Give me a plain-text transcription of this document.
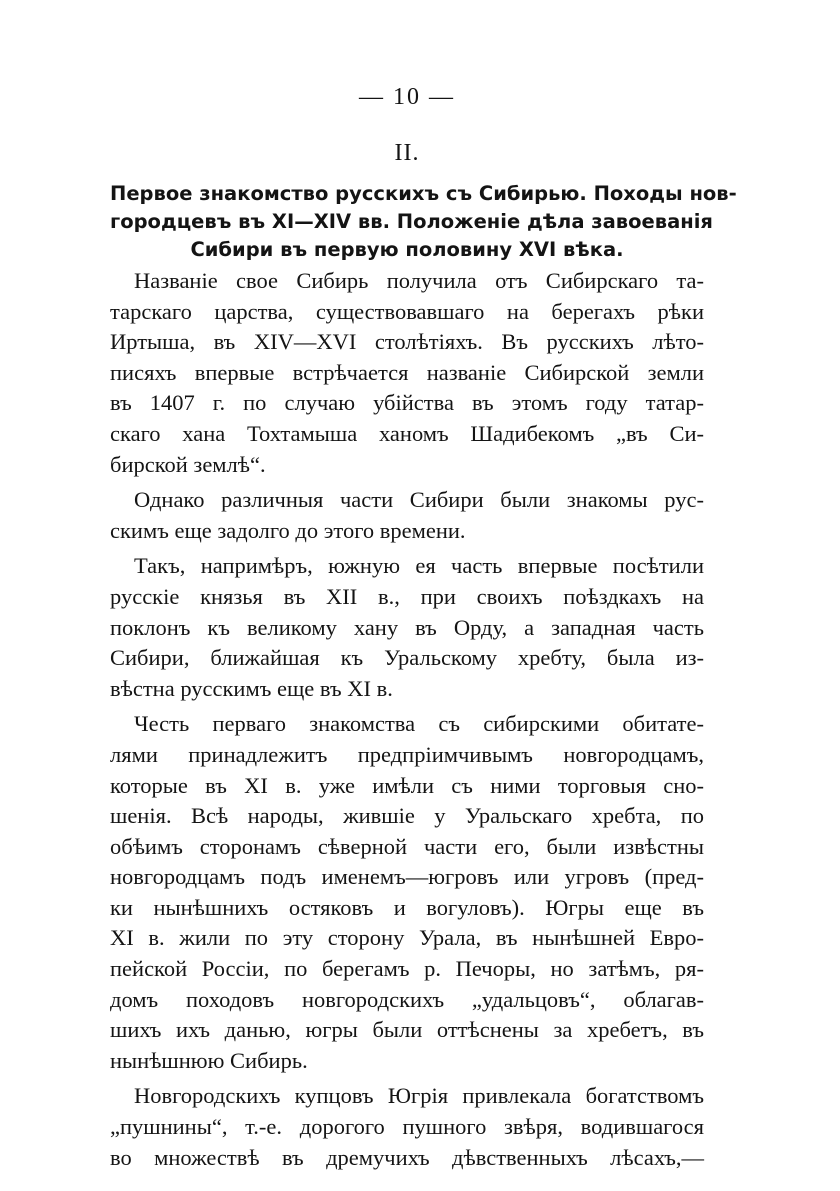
— 10 —
II.
Первое знакомство русскихъ съ Сибирью. Походы нов-
городцевъ въ XI—XIV вв. Положеніе дѣла завоеванія
Сибири въ первую половину XVI вѣка.

Названіе свое Сибирь получила отъ Сибирскаго та-
тарскаго царства, существовавшаго на берегахъ рѣки
Иртыша, въ XIV—XVI столѣтіяхъ. Въ русскихъ лѣто-
писяхъ впервые встрѣчается названіе Сибирской земли
въ 1407 г. по случаю убійства въ этомъ году татар-
скаго хана Тохтамыша ханомъ Шадибекомъ „въ Си-
бирской землѣ“.

Однако различныя части Сибири были знакомы рус-
скимъ еще задолго до этого времени.

Такъ, напримѣръ, южную ея часть впервые посѣтили
русскіе князья въ XII в., при своихъ поѣздкахъ на
поклонъ къ великому хану въ Орду, а западная часть
Сибири, ближайшая къ Уральскому хребту, была из-
вѣстна русскимъ еще въ XI в.

Честь перваго знакомства съ сибирскими обитате-
лями принадлежитъ предпріимчивымъ новгородцамъ,
которые въ XI в. уже имѣли съ ними торговыя сно-
шенія. Всѣ народы, жившіе у Уральскаго хребта, по
обѣимъ сторонамъ сѣверной части его, были извѣстны
новгородцамъ подъ именемъ—югровъ или угровъ (пред-
ки нынѣшнихъ остяковъ и вогуловъ). Югры еще въ
XI в. жили по эту сторону Урала, въ нынѣшней Евро-
пейской Россіи, по берегамъ р. Печоры, но затѣмъ, ря-
домъ походовъ новгородскихъ „удальцовъ“, облагав-
шихъ ихъ данью, югры были оттѣснены за хребетъ, въ
нынѣшнюю Сибирь.

Новгородскихъ купцовъ Югрія привлекала богатствомъ
„пушнины“, т.-е. дорогого пушного звѣря, водившагося
во множествѣ въ дремучихъ дѣвственныхъ лѣсахъ,—
